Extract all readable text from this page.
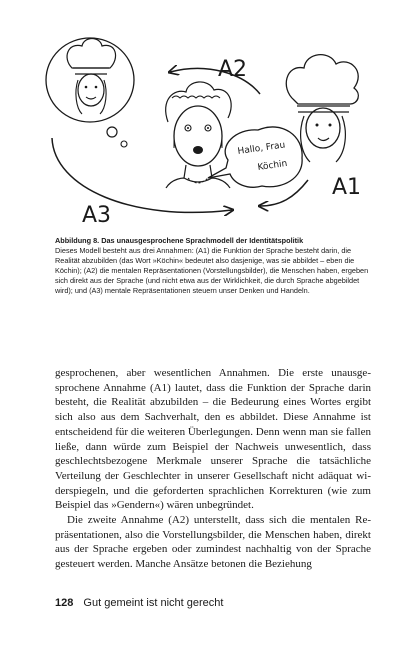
Hallo, Frau
Köchin
A2
A1
A3
Abbildung 8. Das unausgesprochene Sprachmodell der Identitätspolitik
Dieses Modell besteht aus drei Annahmen: (A1) die Funktion der Sprache besteht darin, die Realität abzubilden (das Wort »Köchin« bedeutet also dasjenige, was sie abbildet – eben die Köchin); (A2) die mentalen Repräsentationen (Vorstellungsbilder), die Menschen haben, ergeben sich direkt aus der Sprache (und nicht etwa aus der Wirklichkeit, die durch Sprache abgebildet wird); und (A3) mentale Repräsentationen steuern unser Denken und Handeln.

gesprochenen, aber wesentlichen Annahmen. Die erste unausgesprochene Annahme (A1) lautet, dass die Funktion der Sprache darin besteht, die Realität abzubilden – die Bedeurung eines Wortes ergibt sich also aus dem Sachverhalt, den es abbildet. Diese Annahme ist entscheidend für die weiteren Überlegungen. Denn wenn man sie fallen ließe, dann würde zum Beispiel der Nachweis unwesentlich, dass geschlechtsbezogene Merkmale unserer Sprache die tatsächliche Verteilung der Geschlechter in unserer Gesellschaft nicht adäquat widerspiegeln, und die geforderten sprachlichen Korrekturen (wie zum Beispiel das »Gendern«) wären unbegründet.

Die zweite Annahme (A2) unterstellt, dass sich die mentalen Repräsentationen, also die Vorstellungsbilder, die Menschen haben, direkt aus der Sprache ergeben oder zumindest nachhaltig von der Sprache gesteuert werden. Manche Ansätze betonen die Beziehung

128 Gut gemeint ist nicht gerecht
